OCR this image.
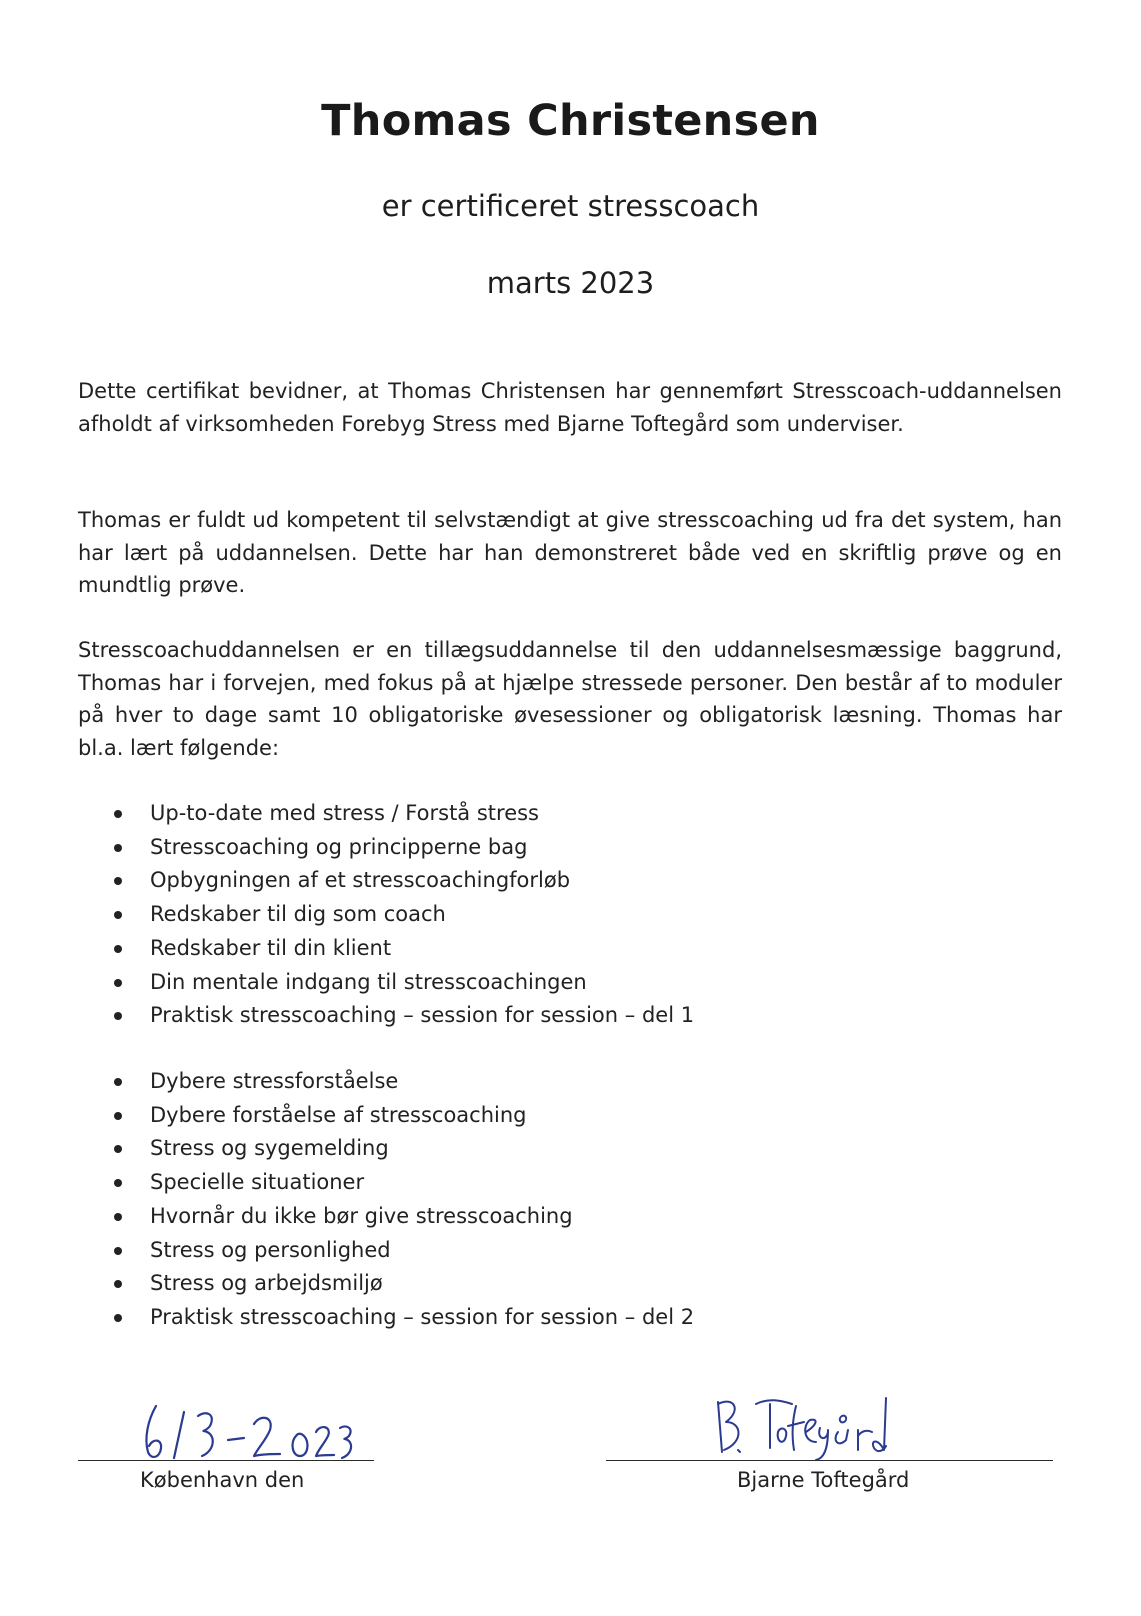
Thomas Christensen
er certificeret stresscoach
marts 2023

Dette certifikat bevidner, at Thomas Christensen har gennemført Stresscoach-uddannelsen afholdt af virksomheden Forebyg Stress med Bjarne Toftegård som underviser.

Thomas er fuldt ud kompetent til selvstændigt at give stresscoaching ud fra det system, han har lært på uddannelsen. Dette har han demonstreret både ved en skriftlig prøve og en mundtlig prøve.

Stresscoachuddannelsen er en tillægsuddannelse til den uddannelsesmæssige baggrund, Thomas har i forvejen, med fokus på at hjælpe stressede personer. Den består af to moduler på hver to dage samt 10 obligatoriske øvesessioner og obligatorisk læsning. Thomas har bl.a. lært følgende:

Up-to-date med stress / Forstå stress
Stresscoaching og principperne bag
Opbygningen af et stresscoachingforløb
Redskaber til dig som coach
Redskaber til din klient
Din mentale indgang til stresscoachingen
Praktisk stresscoaching – session for session – del 1
Dybere stressforståelse
Dybere forståelse af stresscoaching
Stress og sygemelding
Specielle situationer
Hvornår du ikke bør give stresscoaching
Stress og personlighed
Stress og arbejdsmiljø
Praktisk stresscoaching – session for session – del 2
København den	Bjarne Toftegård
